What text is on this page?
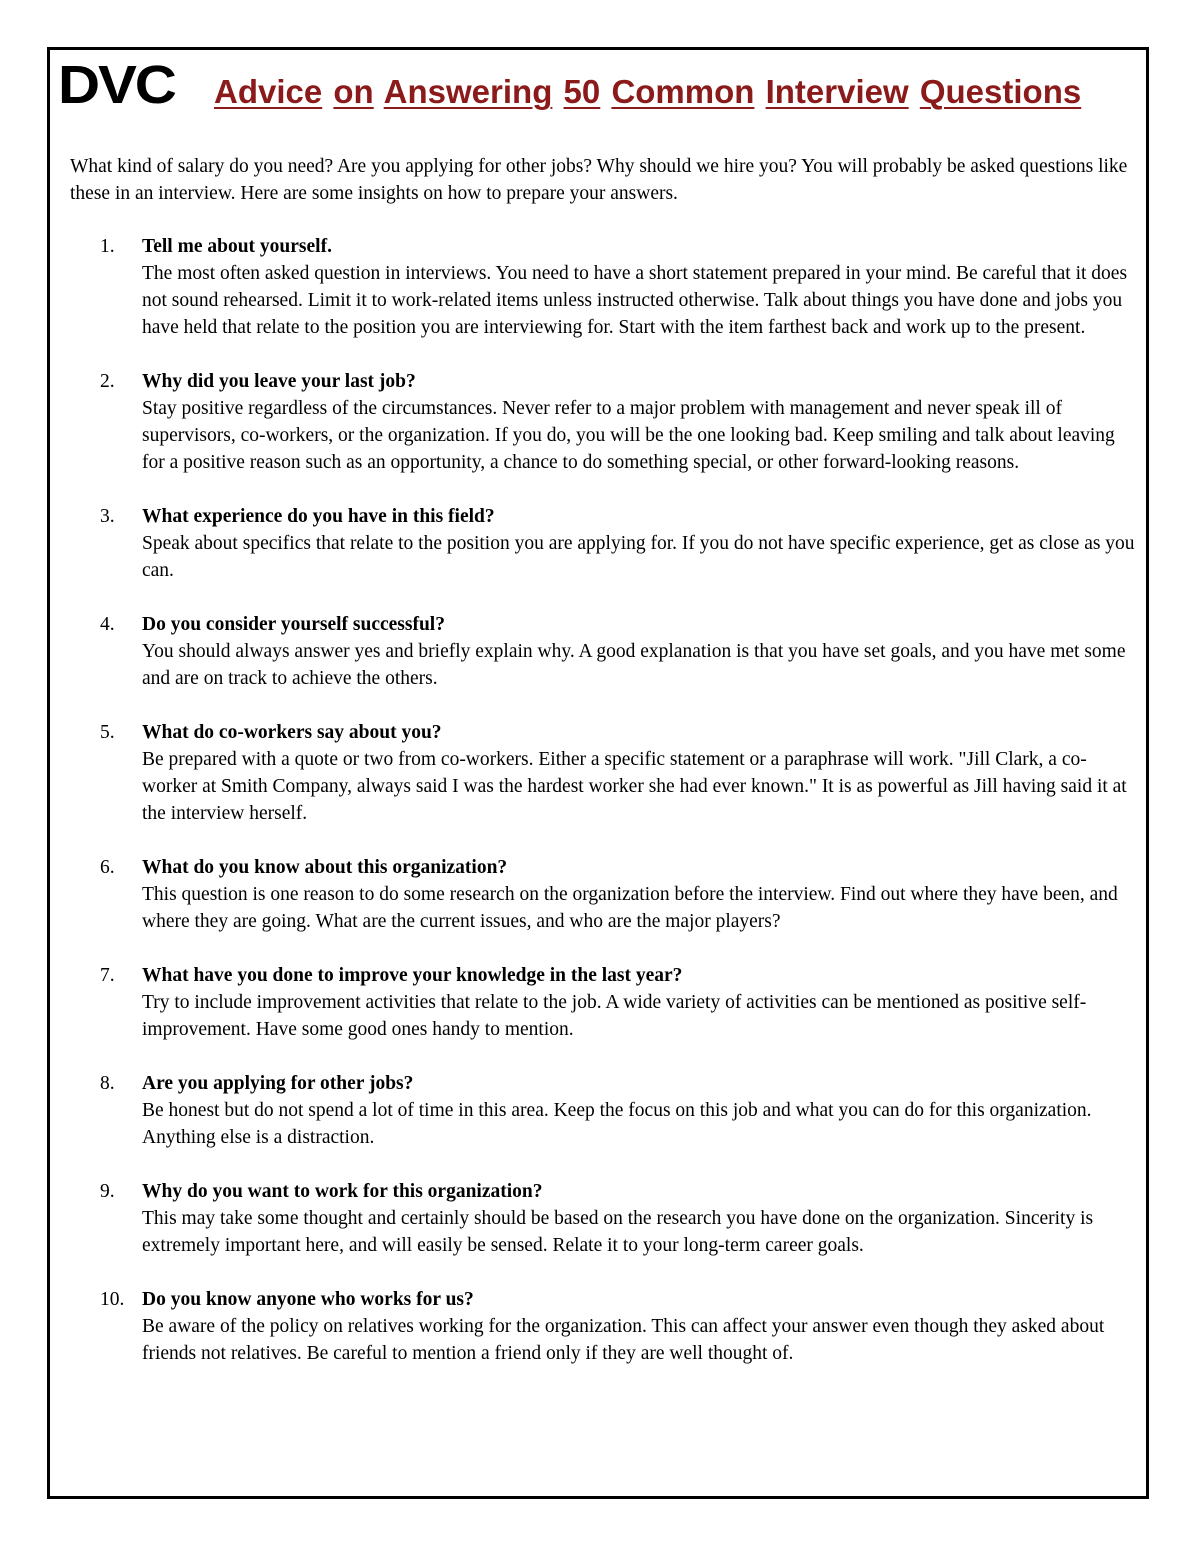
DVC Advice on Answering 50 Common Interview Questions

What kind of salary do you need? Are you applying for other jobs? Why should we hire you? You will probably be asked questions like these in an interview. Here are some insights on how to prepare your answers.

1.	Tell me about yourself.
The most often asked question in interviews. You need to have a short statement prepared in your mind. Be careful that it does not sound rehearsed. Limit it to work-related items unless instructed otherwise. Talk about things you have done and jobs you have held that relate to the position you are interviewing for. Start with the item farthest back and work up to the present.
2.	Why did you leave your last job?
Stay positive regardless of the circumstances. Never refer to a major problem with management and never speak ill of supervisors, co-workers, or the organization. If you do, you will be the one looking bad. Keep smiling and talk about leaving for a positive reason such as an opportunity, a chance to do something special, or other forward-looking reasons.
3.	What experience do you have in this field?
Speak about specifics that relate to the position you are applying for. If you do not have specific experience, get as close as you can.
4.	Do you consider yourself successful?
You should always answer yes and briefly explain why. A good explanation is that you have set goals, and you have met some and are on track to achieve the others.
5.	What do co-workers say about you?
Be prepared with a quote or two from co-workers. Either a specific statement or a paraphrase will work. "Jill Clark, a co-worker at Smith Company, always said I was the hardest worker she had ever known." It is as powerful as Jill having said it at the interview herself.
6.	What do you know about this organization?
This question is one reason to do some research on the organization before the interview. Find out where they have been, and where they are going. What are the current issues, and who are the major players?
7.	What have you done to improve your knowledge in the last year?
Try to include improvement activities that relate to the job. A wide variety of activities can be mentioned as positive self-improvement. Have some good ones handy to mention.
8.	Are you applying for other jobs?
Be honest but do not spend a lot of time in this area. Keep the focus on this job and what you can do for this organization. Anything else is a distraction.
9.	Why do you want to work for this organization?
This may take some thought and certainly should be based on the research you have done on the organization. Sincerity is extremely important here, and will easily be sensed. Relate it to your long-term career goals.
10. Do you know anyone who works for us?
Be aware of the policy on relatives working for the organization. This can affect your answer even though they asked about friends not relatives. Be careful to mention a friend only if they are well thought of.
